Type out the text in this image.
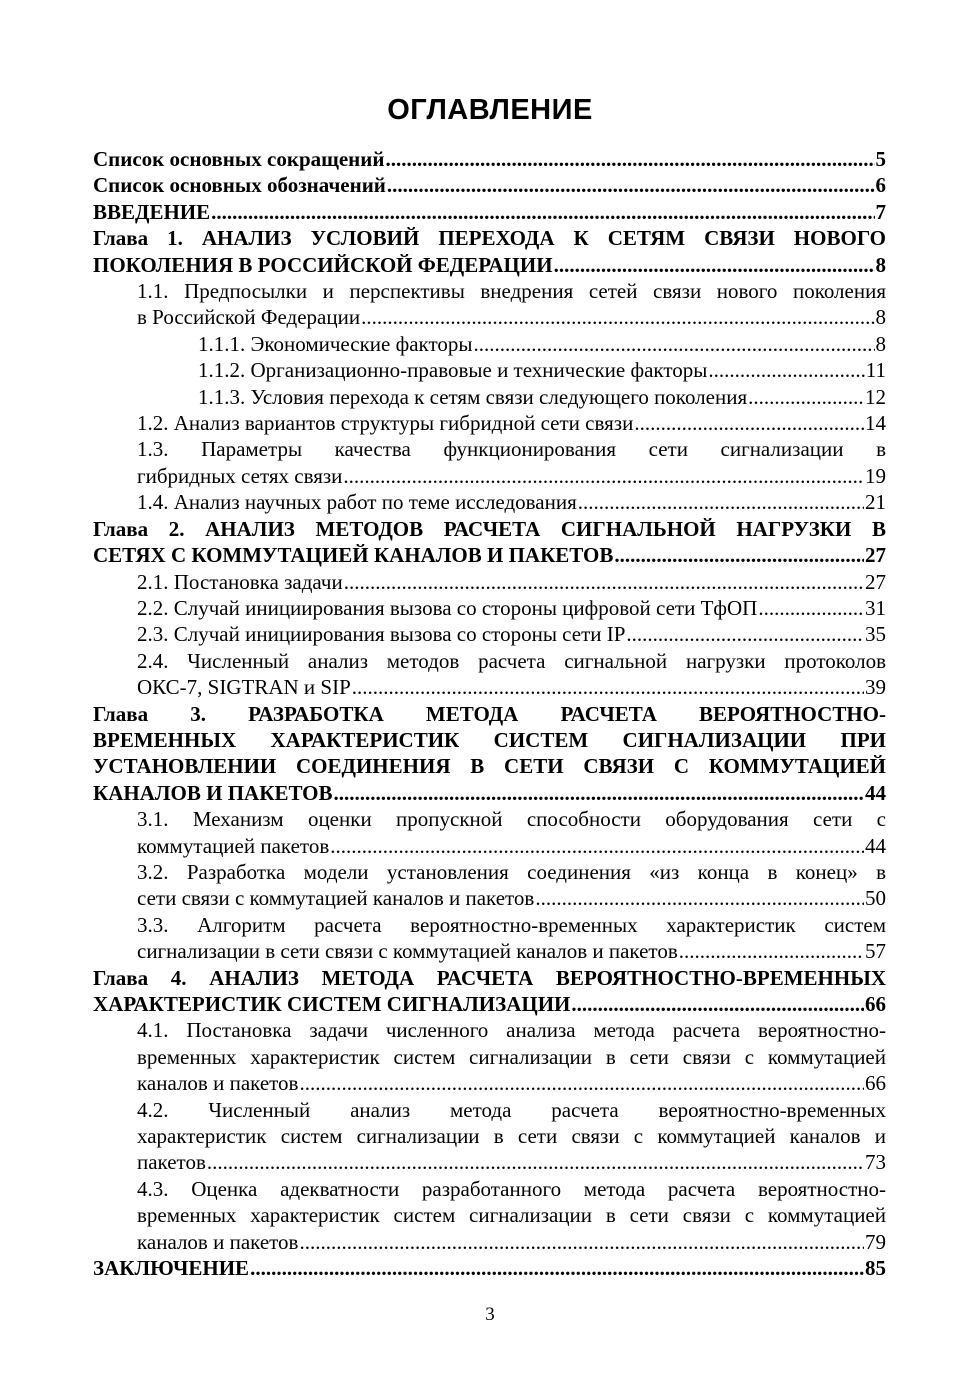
ОГЛАВЛЕНИЕ
Список основных сокращений .....	5
Список основных обозначений .....	6
ВВЕДЕНИЕ .....	7
Глава 1. АНАЛИЗ УСЛОВИЙ ПЕРЕХОДА К СЕТЯМ СВЯЗИ НОВОГО
ПОКОЛЕНИЯ В РОССИЙСКОЙ ФЕДЕРАЦИИ .....	8
1.1. Предпосылки и перспективы внедрения сетей связи нового поколения
в Российской Федерации .....	8
1.1.1. Экономические факторы .....	8
1.1.2. Организационно-правовые и технические факторы .....	11
1.1.3. Условия перехода к сетям связи следующего поколения .....	12
1.2. Анализ вариантов структуры гибридной сети связи .....	14
1.3. Параметры качества функционирования сети сигнализации в
гибридных сетях связи .....	19
1.4. Анализ научных работ по теме исследования .....	21
Глава 2. АНАЛИЗ МЕТОДОВ РАСЧЕТА СИГНАЛЬНОЙ НАГРУЗКИ В
СЕТЯХ С КОММУТАЦИЕЙ КАНАЛОВ И ПАКЕТОВ .....	27
2.1. Постановка задачи .....	27
2.2. Случай инициирования вызова со стороны цифровой сети ТфОП .....	31
2.3. Случай инициирования вызова со стороны сети IP .....	35
2.4. Численный анализ методов расчета сигнальной нагрузки протоколов
ОКС-7, SIGTRAN и SIP .....	39
Глава 3. РАЗРАБОТКА МЕТОДА РАСЧЕТА ВЕРОЯТНОСТНО-
ВРЕМЕННЫХ ХАРАКТЕРИСТИК СИСТЕМ СИГНАЛИЗАЦИИ ПРИ
УСТАНОВЛЕНИИ СОЕДИНЕНИЯ В СЕТИ СВЯЗИ С КОММУТАЦИЕЙ
КАНАЛОВ И ПАКЕТОВ .....	44
3.1. Механизм оценки пропускной способности оборудования сети с
коммутацией пакетов .....	44
3.2. Разработка модели установления соединения «из конца в конец» в
сети связи с коммутацией каналов и пакетов .....	50
3.3. Алгоритм расчета вероятностно-временных характеристик систем
сигнализации в сети связи с коммутацией каналов и пакетов .....	57
Глава 4. АНАЛИЗ МЕТОДА РАСЧЕТА ВЕРОЯТНОСТНО-ВРЕМЕННЫХ
ХАРАКТЕРИСТИК СИСТЕМ СИГНАЛИЗАЦИИ .....	66
4.1. Постановка задачи численного анализа метода расчета вероятностно-
временных характеристик систем сигнализации в сети связи с коммутацией
каналов и пакетов .....	66
4.2. Численный анализ метода расчета вероятностно-временных
характеристик систем сигнализации в сети связи с коммутацией каналов и
пакетов .....	73
4.3. Оценка адекватности разработанного метода расчета вероятностно-
временных характеристик систем сигнализации в сети связи с коммутацией
каналов и пакетов .....	79
ЗАКЛЮЧЕНИЕ .....	85
3
